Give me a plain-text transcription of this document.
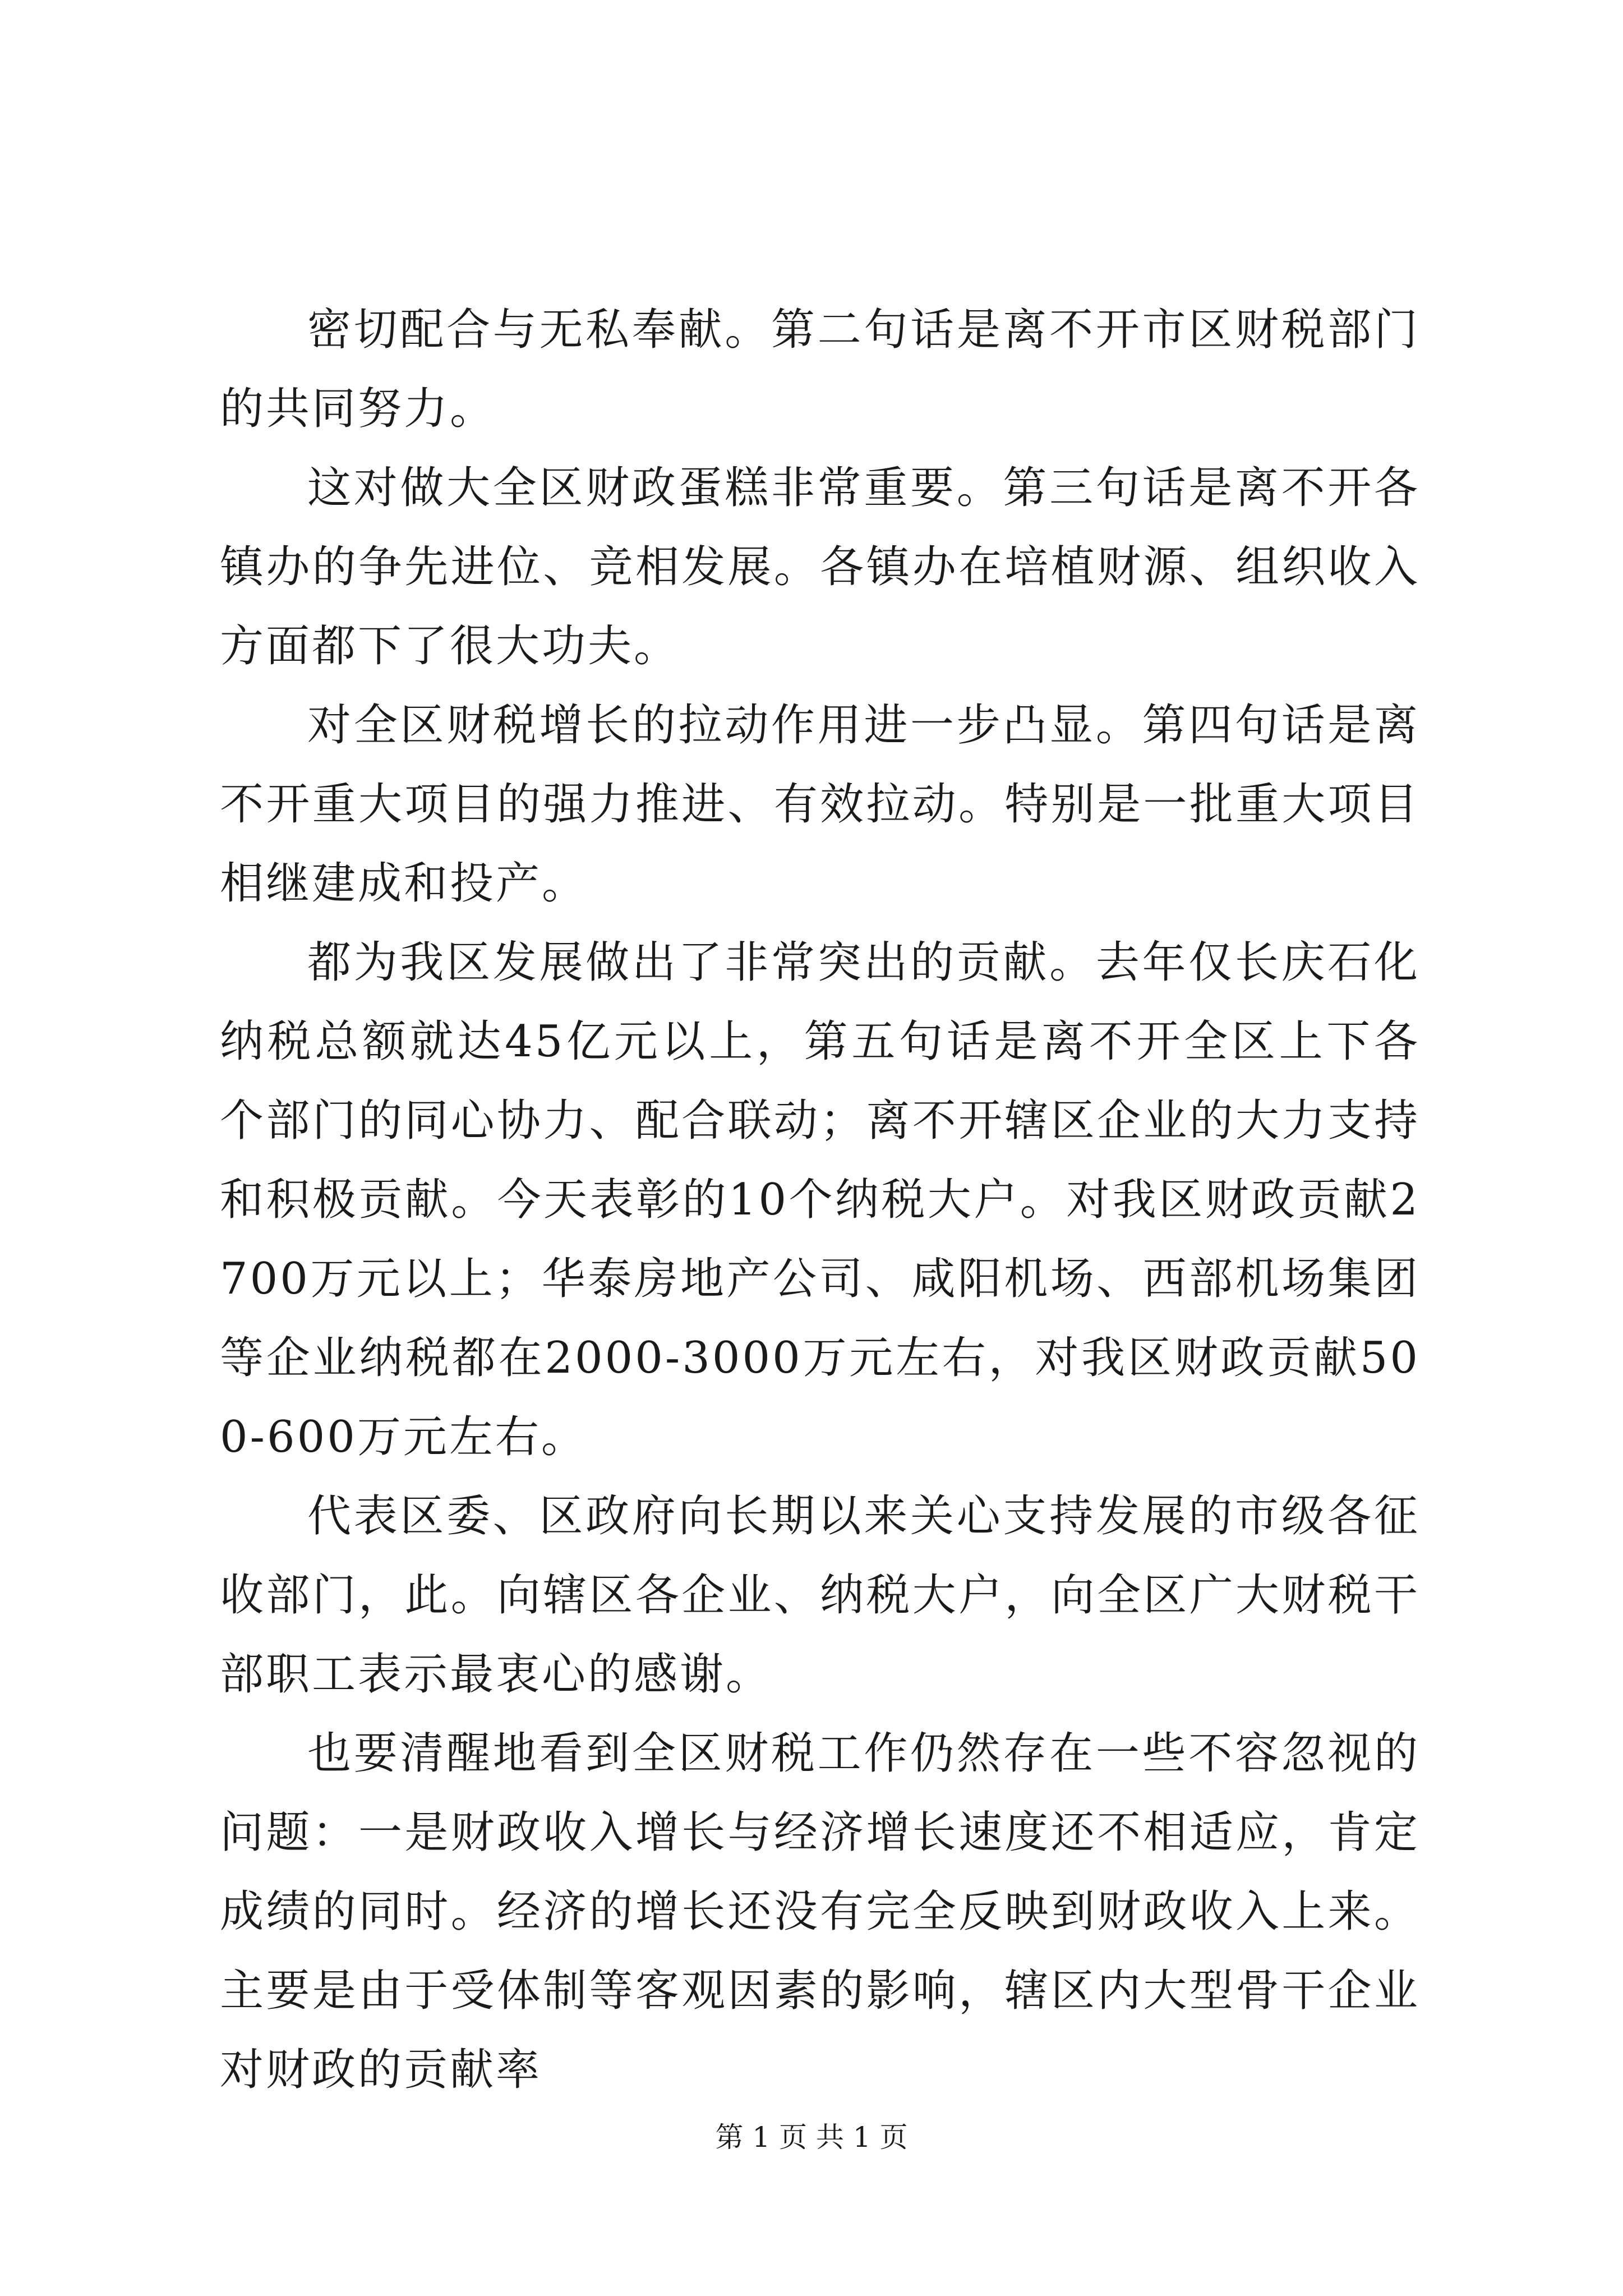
密切配合与无私奉献。第二句话是离不开市区财税部门的共同努力。

这对做大全区财政蛋糕非常重要。第三句话是离不开各镇办的争先进位、竞相发展。各镇办在培植财源、组织收入方面都下了很大功夫。

对全区财税增长的拉动作用进一步凸显。第四句话是离不开重大项目的强力推进、有效拉动。特别是一批重大项目相继建成和投产。

都为我区发展做出了非常突出的贡献。去年仅长庆石化纳税总额就达45亿元以上，第五句话是离不开全区上下各个部门的同心协力、配合联动；离不开辖区企业的大力支持和积极贡献。今天表彰的10个纳税大户。对我区财政贡献2700万元以上；华泰房地产公司、咸阳机场、西部机场集团等企业纳税都在2000-3000万元左右，对我区财政贡献500-600万元左右。

代表区委、区政府向长期以来关心支持发展的市级各征收部门，此。向辖区各企业、纳税大户，向全区广大财税干部职工表示最衷心的感谢。

也要清醒地看到全区财税工作仍然存在一些不容忽视的问题：一是财政收入增长与经济增长速度还不相适应，肯定成绩的同时。经济的增长还没有完全反映到财政收入上来。主要是由于受体制等客观因素的影响，辖区内大型骨干企业对财政的贡献率

第 1 页 共 1 页
